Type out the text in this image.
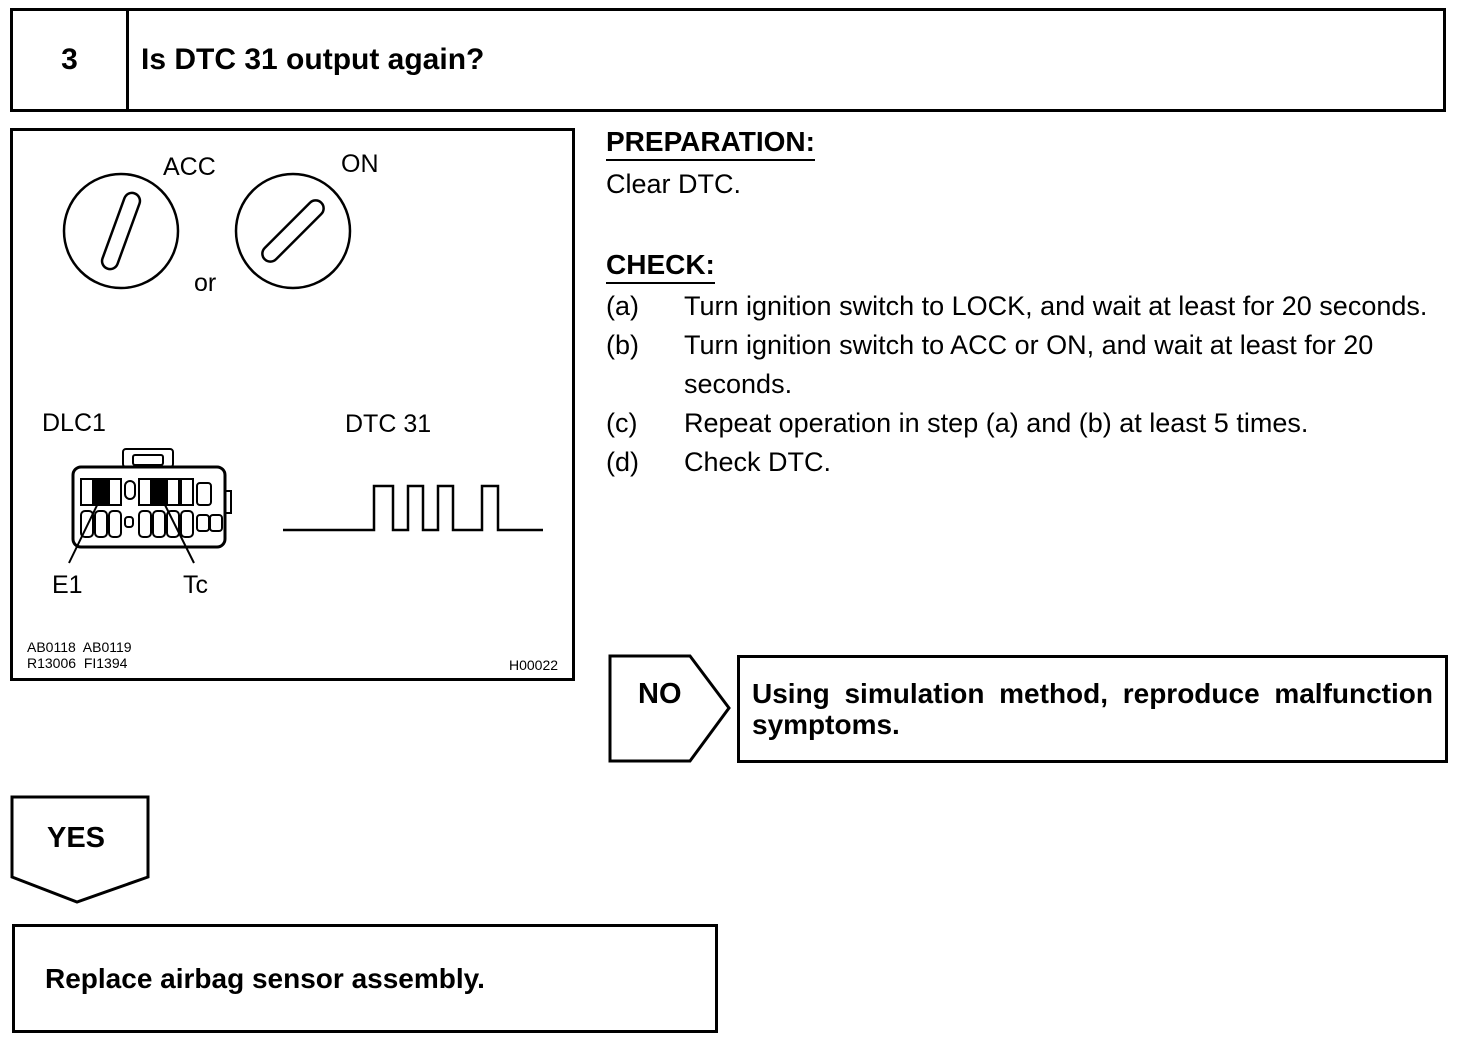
3	Is DTC 31 output again?
ACC	ON
or
DLC1	DTC 31
E1	Tc
AB0118  AB0119
R13006  FI1394	H00022
PREPARATION:
Clear DTC.
CHECK:
(a)	Turn ignition switch to LOCK, and wait at least for 20 seconds.
(b)	Turn ignition switch to ACC or ON, and wait at least for 20 seconds.
(c)	Repeat operation in step (a) and (b) at least 5 times.
(d)	Check DTC.
NO
YES
Using simulation method, reproduce malfunction symptoms.
Replace airbag sensor assembly.
